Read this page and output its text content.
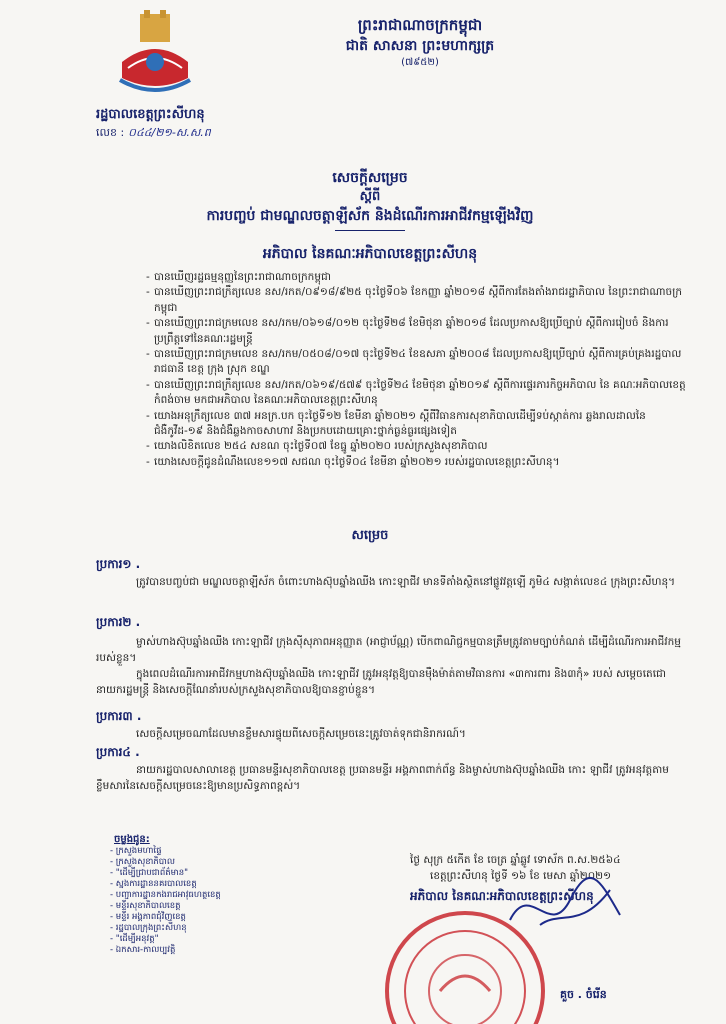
ព្រះរាជាណាចក្រកម្ពុជា
ជាតិ សាសនា ព្រះមហាក្សត្រ
(៧៩៥២)
រដ្ឋបាលខេត្តព្រះសីហនុ
លេខ : ០៤៤/២១-ស.ស.ព
សេចក្តីសម្រេច
ស្តីពី
ការបញ្ចប់ ជាមណ្ឌលចត្តាឡីស័ក និងដំណើរការអាជីវកម្មឡើងវិញ
អភិបាល នៃគណៈអភិបាលខេត្តព្រះសីហនុ
- បានឃើញរដ្ឋធម្មនុញ្ញនៃព្រះរាជាណាចក្រកម្ពុជា
- បានឃើញព្រះរាជក្រឹត្យលេខ នស/រកត/០៩១៨/៩២៥ ចុះថ្ងៃទី០៦ ខែកញ្ញា ឆ្នាំ២០១៨ ស្តីពីការតែងតាំងរាជរដ្ឋាភិបាល នៃព្រះរាជាណាចក្រកម្ពុជា
- បានឃើញព្រះរាជក្រមលេខ នស/រកម/០៦១៨/០១២ ចុះថ្ងៃទី២៨ ខែមិថុនា ឆ្នាំ២០១៨ ដែលប្រកាសឱ្យប្រើច្បាប់ ស្តីពីការរៀបចំ និងការប្រព្រឹត្តទៅនៃគណៈរដ្ឋមន្ត្រី
- បានឃើញព្រះរាជក្រមលេខ នស/រកម/០៥០៨/០១៧ ចុះថ្ងៃទី២៤ ខែឧសភា ឆ្នាំ២០០៨ ដែលប្រកាសឱ្យប្រើច្បាប់ ស្តីពីការគ្រប់គ្រងរដ្ឋបាលរាជធានី ខេត្ត ក្រុង ស្រុក ខណ្ឌ
- បានឃើញព្រះរាជក្រឹត្យលេខ នស/រកត/០៦១៩/៥៧៩ ចុះថ្ងៃទី២៤ ខែមិថុនា ឆ្នាំ២០១៩ ស្តីពីការផ្ទេរភារកិច្ចអភិបាល នៃ គណៈអភិបាលខេត្តកំពង់ចាម មកជាអភិបាល នៃគណៈអភិបាលខេត្តព្រះសីហនុ
- យោងអនុក្រឹត្យលេខ ៣៧ អនក្រ.បក ចុះថ្ងៃទី១២ ខែមីនា ឆ្នាំ២០២១ ស្តីពីវិធានការសុខាភិបាលដើម្បីទប់ស្កាត់ការ ឆ្លងរាលដាលនៃជំងឺកូវីដ-១៩ និងជំងឺឆ្លងកាចសាហាវ និងប្រកបដោយគ្រោះថ្នាក់ធ្ងន់ធ្ងរផ្សេងទៀត
- យោងលិខិតលេខ ២៥៤ សខណ ចុះថ្ងៃទី០៧ ខែធ្នូ ឆ្នាំ២០២០ របស់ក្រសួងសុខាភិបាល
- យោងសេចក្តីជូនដំណឹងលេខ១១៧ សជណ ចុះថ្ងៃទី០៤ ខែមីនា ឆ្នាំ២០២១ របស់រដ្ឋបាលខេត្តព្រះសីហនុ។
សម្រេច
ប្រការ១ .

ត្រូវបានបញ្ចប់ជា មណ្ឌលចត្តាឡីស័ក ចំពោះហាងស៊ុបឆ្នាំងឈីង កោះឡាជីវ មានទីតាំងស្ថិតនៅផ្លូវវត្តឡើ ភូមិ៤ សង្កាត់លេខ៤ ក្រុងព្រះសីហនុ។

ប្រការ២ .

ម្ចាស់ហាងស៊ុបឆ្នាំងឈីង កោះឡាជីវ ក្រុងស៊ីសុភាពអនុញ្ញាត (អាជ្ញាប័ណ្ណ) បើកពាណិជ្ជកម្មបានត្រឹមត្រូវតាមច្បាប់កំណត់ ដើម្បីដំណើរការអាជីវកម្មរបស់ខ្លួន។

ក្នុងពេលដំណើរការអាជីវកម្មហាងស៊ុបឆ្នាំងឈីង កោះឡាជីវ ត្រូវអនុវត្តឱ្យបានម៉ឺងម៉ាត់តាមវិធានការ «៣ការពារ និង៣កុំ» របស់ សម្តេចតេជោ នាយករដ្ឋមន្ត្រី និងសេចក្តីណែនាំរបស់ក្រសួងសុខាភិបាលឱ្យបានខ្ជាប់ខ្ជួន។

ប្រការ៣ .

សេចក្តីសម្រេចណាដែលមានខ្លឹមសារផ្ទុយពីសេចក្តីសម្រេចនេះត្រូវចាត់ទុកជានិរាករណ៍។

ប្រការ៤ .

នាយករដ្ឋបាលសាលាខេត្ត ប្រធានមន្ទីរសុខាភិបាលខេត្ត ប្រធានមន្ទីរ អង្គភាពពាក់ព័ន្ធ និងម្ចាស់ហាងស៊ុបឆ្នាំងឈីង កោះ ឡាជីវ ត្រូវអនុវត្តតាមខ្លឹមសារនៃសេចក្តីសម្រេចនេះឱ្យមានប្រសិទ្ធភាពខ្ពស់។

ថ្ងៃ សុក្រ ៥កើត ខែ ចេត្រ ឆ្នាំឆ្លូវ ទោស័ក ព.ស.២៥៦៤
ខេត្តព្រះសីហនុ ថ្ងៃទី ១៦ ខែ មេសា ឆ្នាំ២០២១
អភិបាល នៃគណៈអភិបាលខេត្តព្រះសីហនុ
ចម្លងជូន:
- ក្រសួងមហាផ្ទៃ
- ក្រសួងសុខាភិបាល
- "ដើម្បីជ្រាបជាព័ត៌មាន"
- ស្នងការដ្ឋាននគរបាលខេត្ត
- បញ្ជាការដ្ឋានកងរាជអាវុធហត្ថខេត្ត
- មន្ទីរសុខាភិបាលខេត្ត
- មន្ទីរ អង្គភាពជុំវិញខេត្ត
- រដ្ឋបាលក្រុងព្រះសីហនុ
- "ដើម្បីអនុវត្ត"
- ឯកសារ-កាលប្បវត្តិ
គួច . ចំរើន
